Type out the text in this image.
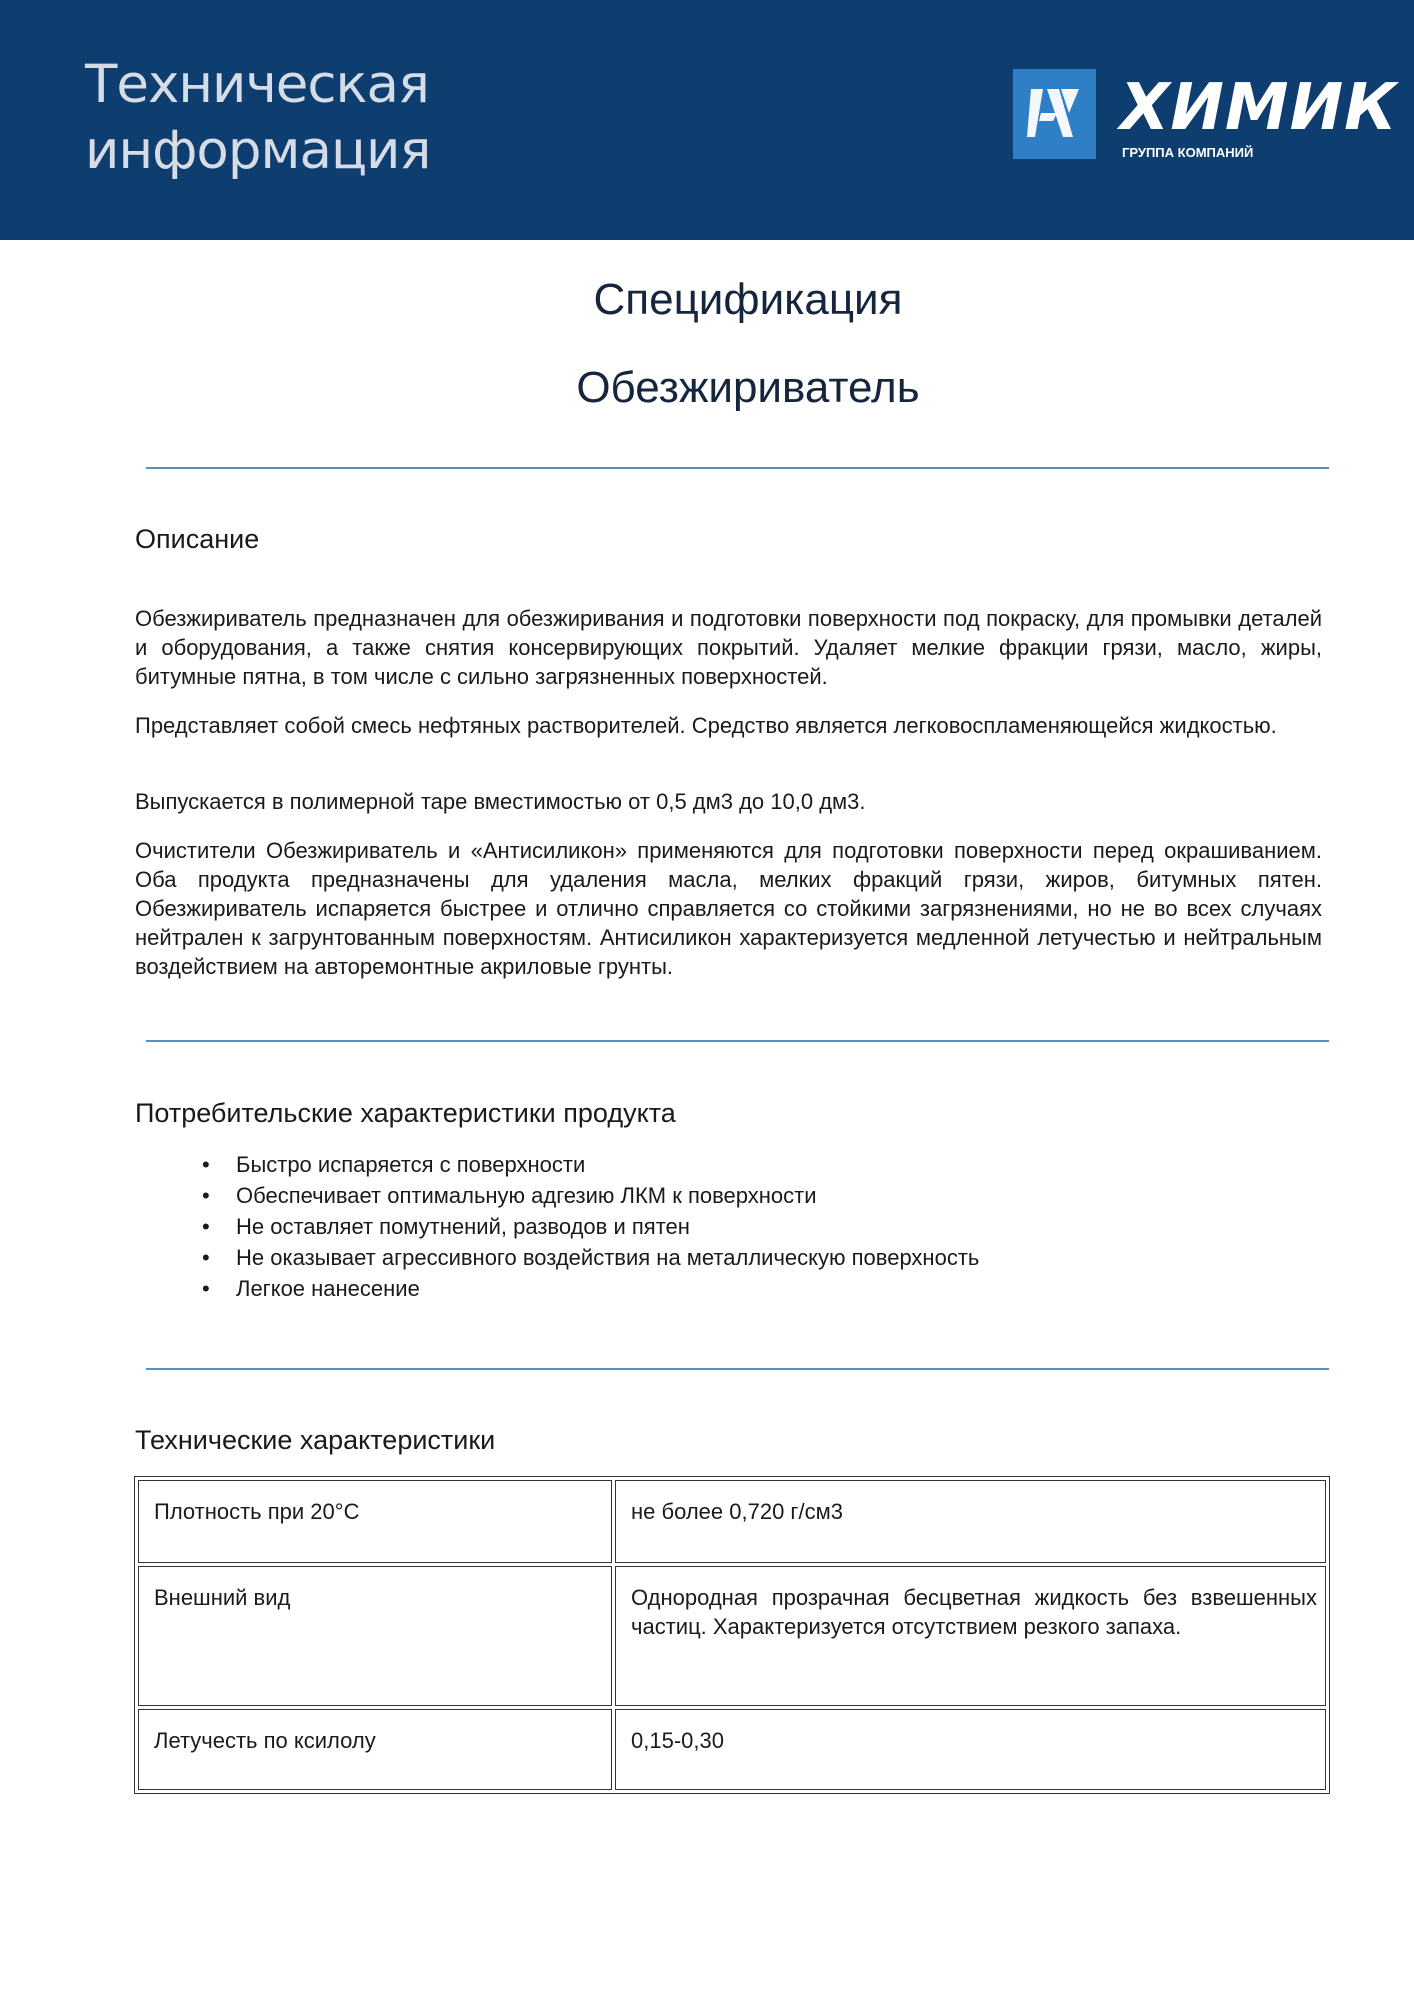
Техническая
информация
ХИМИК
ГРУППА КОМПАНИЙ
Спецификация
Обезжириватель
Описание

Обезжириватель предназначен для обезжиривания и подготовки поверхности под покраску, для промывки деталей и оборудования, а также снятия консервирующих покрытий. Удаляет мелкие фракции грязи, масло, жиры, битумные пятна, в том числе с сильно загрязненных поверхностей.

Представляет собой смесь нефтяных растворителей. Средство является легковоспламеняющейся жидкостью.

Выпускается в полимерной таре вместимостью от 0,5 дм3 до 10,0 дм3.

Очистители Обезжириватель и «Антисиликон» применяются для подготовки поверхности перед окрашиванием. Оба продукта предназначены для удаления масла, мелких фракций грязи, жиров, битумных пятен. Обезжириватель испаряется быстрее и отлично справляется со стойкими загрязнениями, но не во всех случаях нейтрален к загрунтованным поверхностям. Антисиликон характеризуется медленной летучестью и нейтральным воздействием на авторемонтные акриловые грунты.

Потребительские характеристики продукта
• Быстро испаряется с поверхности
• Обеспечивает оптимальную адгезию ЛКМ к поверхности
• Не оставляет помутнений, разводов и пятен
• Не оказывает агрессивного воздействия на металлическую поверхность
• Легкое нанесение
Технические характеристики
Плотность при 20°С	не более 0,720 г/см3
Внешний вид	Однородная прозрачная бесцветная жидкость без взвешенных частиц. Характеризуется отсутствием резкого запаха.
Летучесть по ксилолу	0,15-0,30
